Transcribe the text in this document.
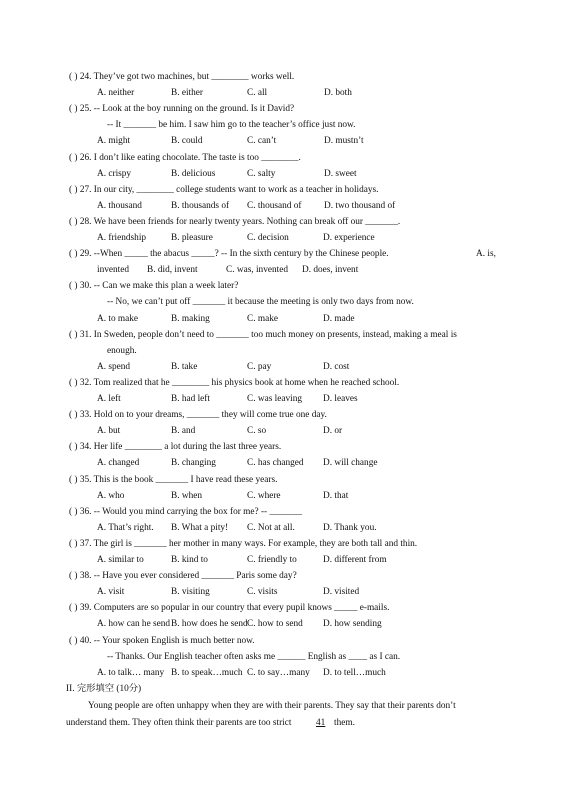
( ) 24. They’ve got two machines, but ________ works well.
A. neither	B. either	C. all	D. both
( ) 25. -- Look at the boy running on the ground. Is it David?
-- It _______ be him. I saw him go to the teacher’s office just now.
A. might	B. could	C. can’t	D. mustn’t
( ) 26. I don’t like eating chocolate. The taste is too ________.
A. crispy	B. delicious	C. salty	D. sweet
( ) 27. In our city, ________ college students want to work as a teacher in holidays.
A. thousand	B. thousands of C. thousand of D. two thousand of
( ) 28. We have been friends for nearly twenty years. Nothing can break off our _______.
A. friendship	B. pleasure	C. decision	D. experience
( ) 29. --When _____ the abacus _____? -- In the sixth century by the Chinese people.	A. is,
invented B. did, invent	C. was, invented D. does, invent
( ) 30. -- Can we make this plan a week later?
-- No, we can’t put off _______ it because the meeting is only two days from now.
A. to make	B. making	C. make	D. made
( ) 31. In Sweden, people don’t need to _______ too much money on presents, instead, making a meal is
enough.
A. spend	B. take	C. pay	D. cost
( ) 32. Tom realized that he ________ his physics book at home when he reached school.
A. left	B. had left	C. was leaving D. leaves
( ) 33. Hold on to your dreams, _______ they will come true one day.
A. but	B. and	C. so	D. or
( ) 34. Her life ________ a lot during the last three years.
A. changed	B. changing	C. has changed D. will change
( ) 35. This is the book _______ I have read these years.
A. who	B. when	C. where	D. that
( ) 36. -- Would you mind carrying the box for me? -- _______
A. That’s right. B. What a pity! C. Not at all.	D. Thank you.
( ) 37. The girl is _______ her mother in many ways. For example, they are both tall and thin.
A. similar to	B. kind to	C. friendly to	D. different from
( ) 38. -- Have you ever considered _______ Paris some day?
A. visit	B. visiting	C. visits	D. visited
( ) 39. Computers are so popular in our country that every pupil knows _____ e-mails.
A. how can he send B. how does he send C. how to send D. how sending
( ) 40. -- Your spoken English is much better now.
-- Thanks. Our English teacher often asks me ______ English as ____ as I can.
A. to talk… many B. to speak…much C. to say…many D. to tell…much
II. 完形填空 (10分)
Young people are often unhappy when they are with their parents. They say that their parents don’t
understand them. They often think their parents are too strict	41 them.
